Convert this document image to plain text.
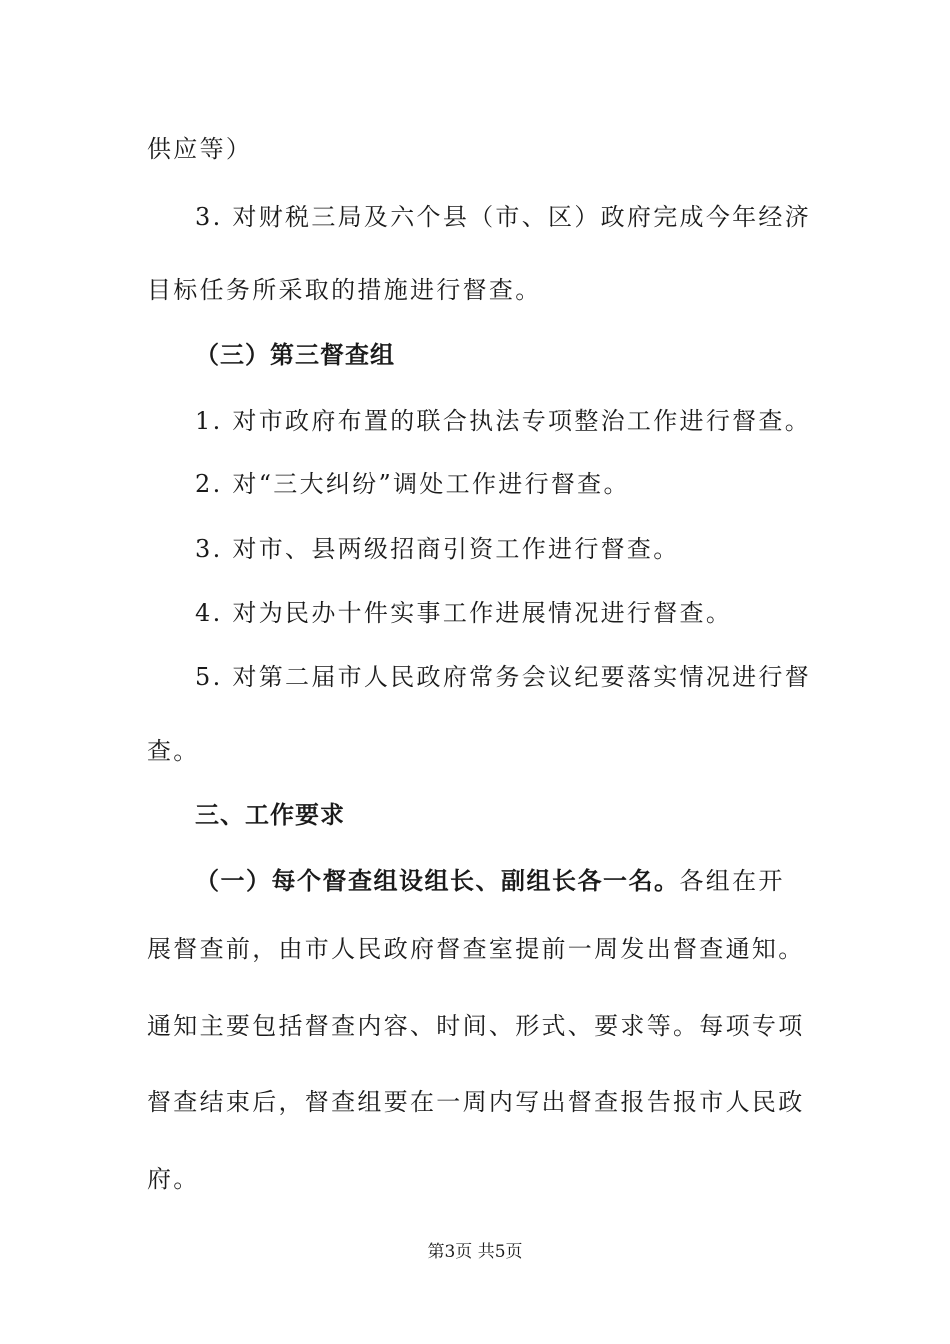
供应等）
3. 对财税三局及六个县（市、区）政府完成今年经济
目标任务所采取的措施进行督查。
（三）第三督查组
1. 对市政府布置的联合执法专项整治工作进行督查。
2. 对“三大纠纷”调处工作进行督查。
3. 对市、县两级招商引资工作进行督查。
4. 对为民办十件实事工作进展情况进行督查。
5. 对第二届市人民政府常务会议纪要落实情况进行督
查。
三、工作要求
（一）每个督查组设组长、副组长各一名。各组在开
展督查前，由市人民政府督查室提前一周发出督查通知。
通知主要包括督查内容、时间、形式、要求等。每项专项
督查结束后，督查组要在一周内写出督查报告报市人民政
府。
第3页 共5页
